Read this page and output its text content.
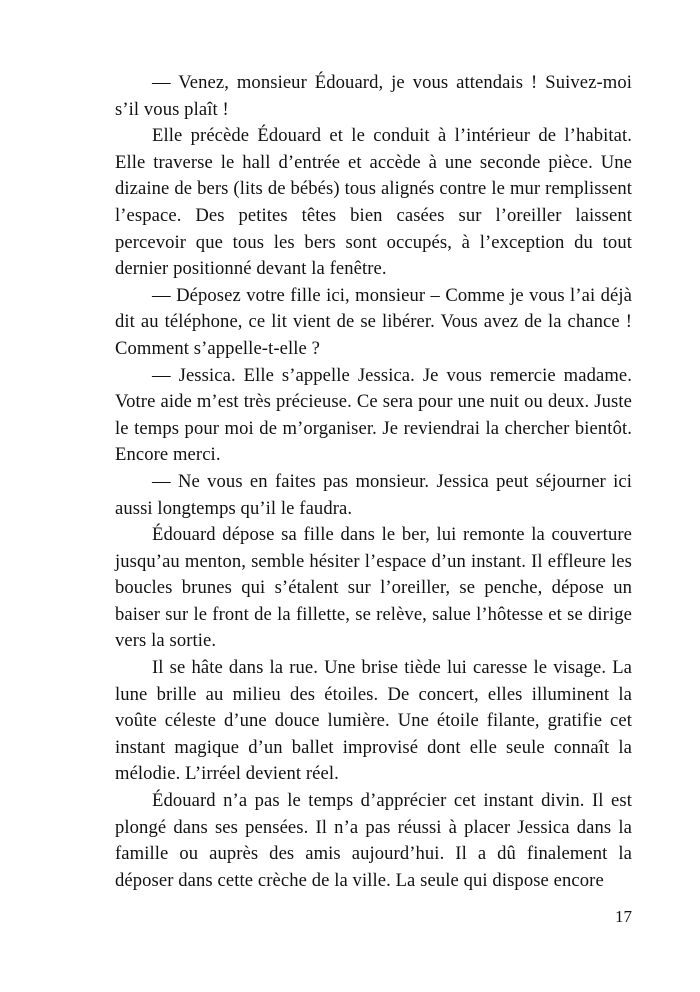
— Venez, monsieur Édouard, je vous attendais ! Suivez-moi s’il vous plaît !

Elle précède Édouard et le conduit à l’intérieur de l’habitat. Elle traverse le hall d’entrée et accède à une seconde pièce. Une dizaine de bers (lits de bébés) tous alignés contre le mur remplissent l’espace. Des petites têtes bien casées sur l’oreiller laissent percevoir que tous les bers sont occupés, à l’exception du tout dernier positionné devant la fenêtre.

— Déposez votre fille ici, monsieur – Comme je vous l’ai déjà dit au téléphone, ce lit vient de se libérer. Vous avez de la chance ! Comment s’appelle-t-elle ?

— Jessica. Elle s’appelle Jessica. Je vous remercie madame. Votre aide m’est très précieuse. Ce sera pour une nuit ou deux. Juste le temps pour moi de m’organiser. Je reviendrai la chercher bientôt. Encore merci.

— Ne vous en faites pas monsieur. Jessica peut séjourner ici aussi longtemps qu’il le faudra.

Édouard dépose sa fille dans le ber, lui remonte la couverture jusqu’au menton, semble hésiter l’espace d’un instant. Il effleure les boucles brunes qui s’étalent sur l’oreiller, se penche, dépose un baiser sur le front de la fillette, se relève, salue l’hôtesse et se dirige vers la sortie.

Il se hâte dans la rue. Une brise tiède lui caresse le visage. La lune brille au milieu des étoiles. De concert, elles illuminent la voûte céleste d’une douce lumière. Une étoile filante, gratifie cet instant magique d’un ballet improvisé dont elle seule connaît la mélodie. L’irréel devient réel.

Édouard n’a pas le temps d’apprécier cet instant divin. Il est plongé dans ses pensées. Il n’a pas réussi à placer Jessica dans la famille ou auprès des amis aujourd’hui. Il a dû finalement la déposer dans cette crèche de la ville. La seule qui dispose encore

17
